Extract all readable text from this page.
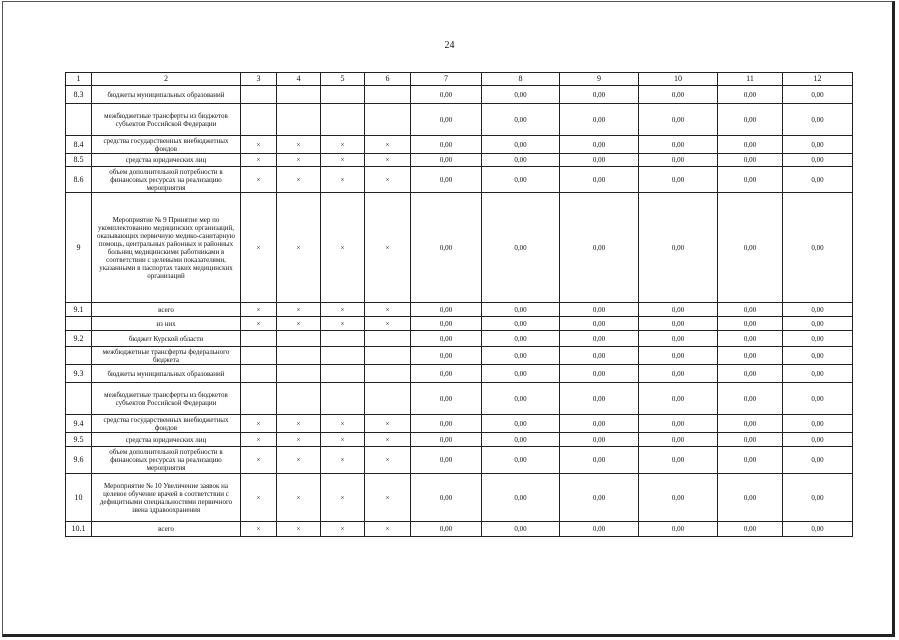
24
1	2	3	4	5	6	7	8	9	10	11	12
8.3	бюджеты муниципальных образований					0,00	0,00	0,00	0,00	0,00	0,00
	межбюджетные трансферты из бюджетов субъектов Российской Федерации					0,00	0,00	0,00	0,00	0,00	0,00
8.4	средства государственных внебюджетных фондов	×	×	×	×	0,00	0,00	0,00	0,00	0,00	0,00
8.5	средства юридических лиц	×	×	×	×	0,00	0,00	0,00	0,00	0,00	0,00
8.6	объем дополнительной потребности в финансовых ресурсах на реализацию мероприятия	×	×	×	×	0,00	0,00	0,00	0,00	0,00	0,00
9	Мероприятие № 9 Принятие мер по укомплектованию медицинских организаций, оказывающих первичную медико-санитарную помощь, центральных районных и районных больниц медицинскими работниками в соответствии с целевыми показателями, указанными в паспортах таких медицинских организаций	×	×	×	×	0,00	0,00	0,00	0,00	0,00	0,00
9.1	всего	×	×	×	×	0,00	0,00	0,00	0,00	0,00	0,00
	из них	×	×	×	×	0,00	0,00	0,00	0,00	0,00	0,00
9.2	бюджет Курской области					0,00	0,00	0,00	0,00	0,00	0,00
	межбюджетные трансферты федерального бюджета					0,00	0,00	0,00	0,00	0,00	0,00
9.3	бюджеты муниципальных образований					0,00	0,00	0,00	0,00	0,00	0,00
	межбюджетные трансферты из бюджетов субъектов Российской Федерации					0,00	0,00	0,00	0,00	0,00	0,00
9.4	средства государственных внебюджетных фондов	×	×	×	×	0,00	0,00	0,00	0,00	0,00	0,00
9.5	средства юридических лиц	×	×	×	×	0,00	0,00	0,00	0,00	0,00	0,00
9.6	объем дополнительной потребности в финансовых ресурсах на реализацию мероприятия	×	×	×	×	0,00	0,00	0,00	0,00	0,00	0,00
10	Мероприятие № 10 Увеличение заявок на целевое обучение врачей в соответствии с дефицитными специальностями первичного звена здравоохранения	×	×	×	×	0,00	0,00	0,00	0,00	0,00	0,00
10.1	всего	×	×	×	×	0,00	0,00	0,00	0,00	0,00	0,00
